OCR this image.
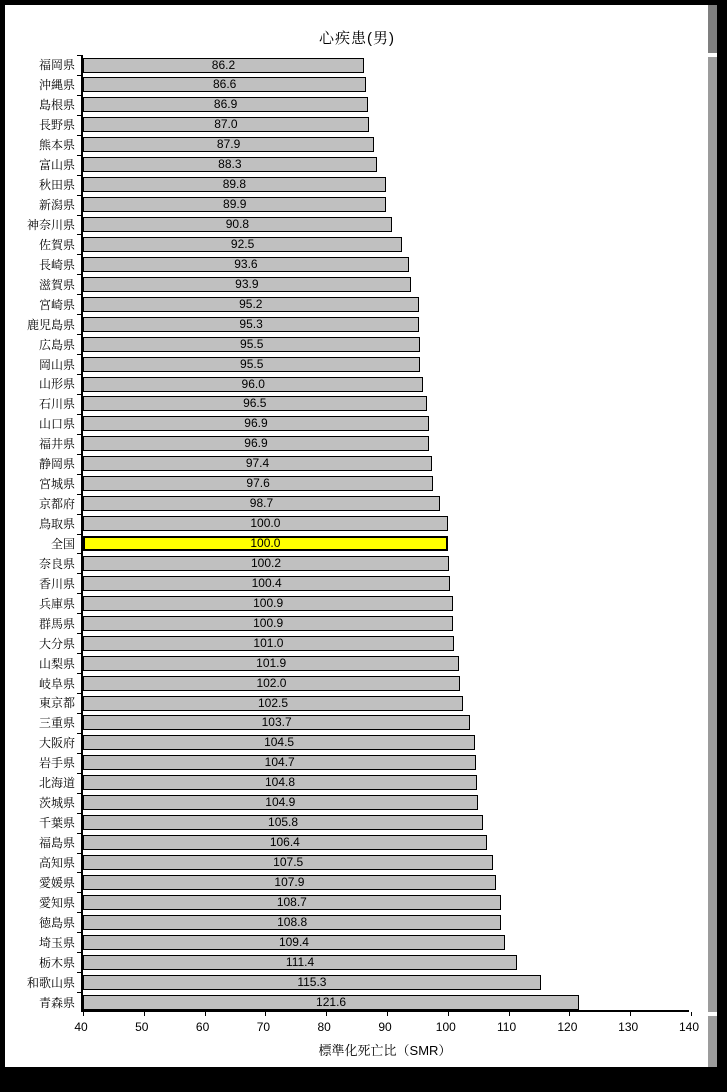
心疾患(男)
福岡県
沖縄県
島根県
長野県
熊本県
富山県
秋田県
新潟県
神奈川県
佐賀県
長崎県
滋賀県
宮崎県
鹿児島県
広島県
岡山県
山形県
石川県
山口県
福井県
静岡県
宮城県
京都府
鳥取県
全国
奈良県
香川県
兵庫県
群馬県
大分県
山梨県
岐阜県
東京都
三重県
大阪府
岩手県
北海道
茨城県
千葉県
福島県
高知県
愛媛県
愛知県
徳島県
埼玉県
栃木県
和歌山県
青森県
86.2
86.6
86.9
87.0
87.9
88.3
89.8
89.9
90.8
92.5
93.6
93.9
95.2
95.3
95.5
95.5
96.0
96.5
96.9
96.9
97.4
97.6
98.7
100.0
100.0
100.2
100.4
100.9
100.9
101.0
101.9
102.0
102.5
103.7
104.5
104.7
104.8
104.9
105.8
106.4
107.5
107.9
108.7
108.8
109.4
111.4
115.3
121.6
40	50	60	70	80	90	100	110	120	130	140
標準化死亡比（SMR）
